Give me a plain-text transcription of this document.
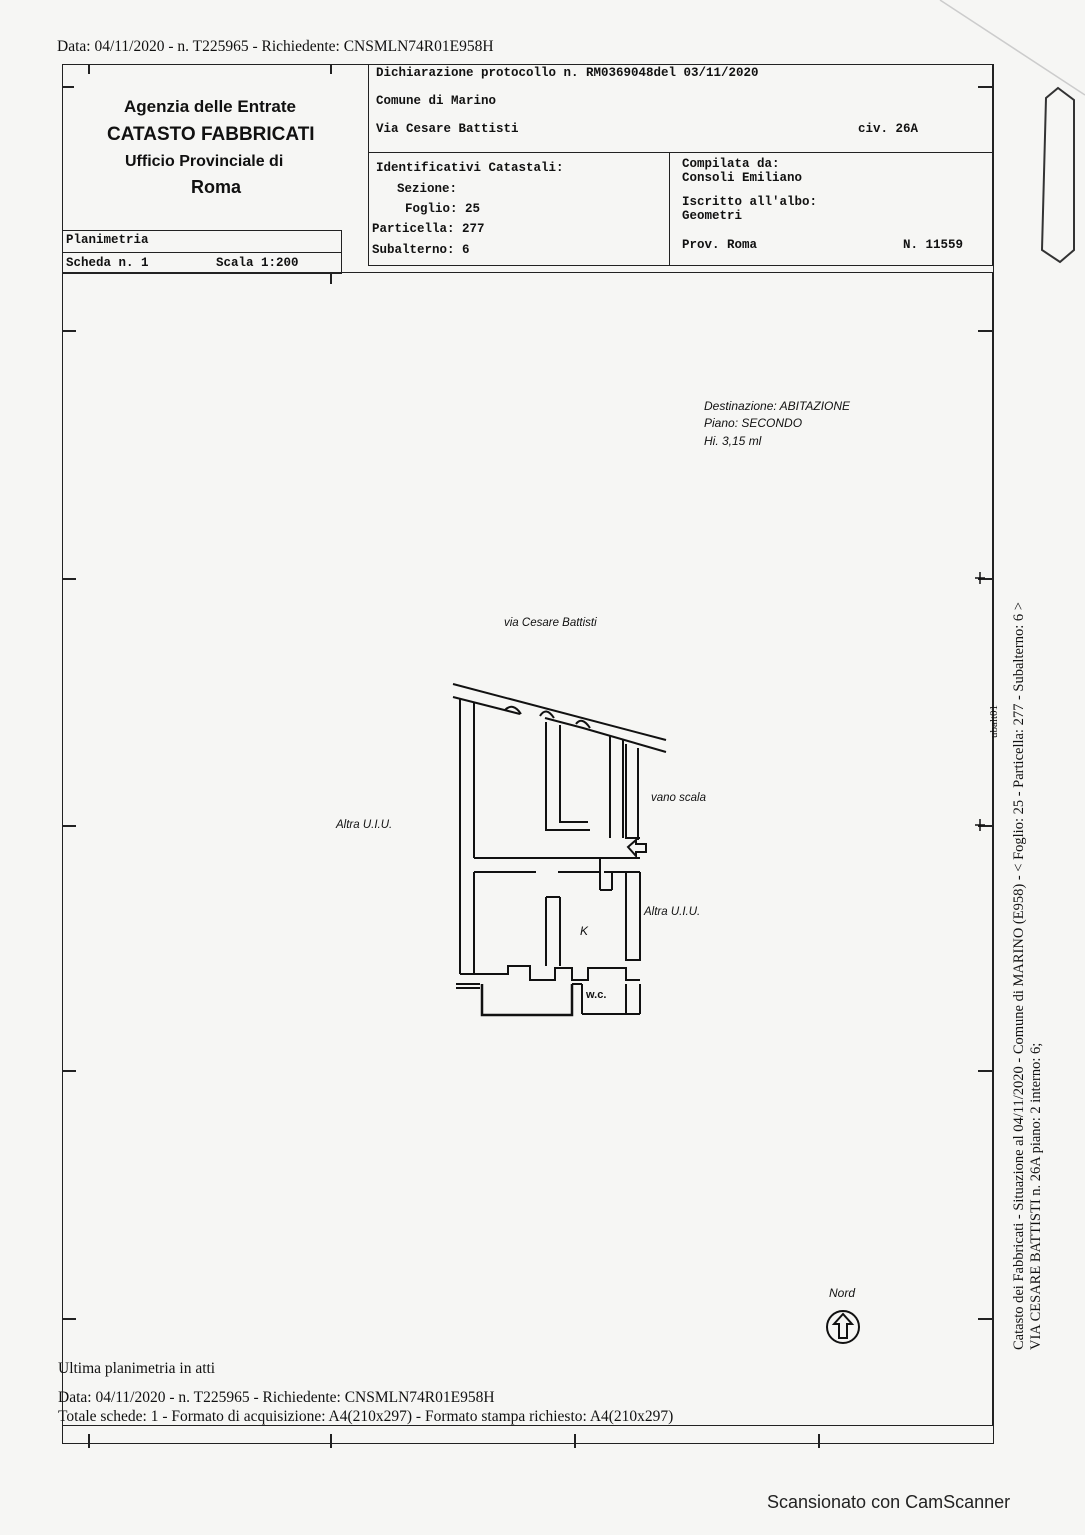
Data: 04/11/2020 - n. T225965 - Richiedente: CNSMLN74R01E958H
Agenzia delle Entrate
CATASTO FABBRICATI
Ufficio Provinciale di
Roma
Planimetria
Scheda n. 1	Scala 1:200
Dichiarazione protocollo n. RM0369048del 03/11/2020
Comune di Marino
Via Cesare Battisti	civ. 26A
Identificativi Catastali:
Sezione:
Foglio: 25
Particella: 277
Subalterno: 6
Compilata da:
Consoli Emiliano
Iscritto all'albo:
Geometri
Prov. Roma	N. 11559
Destinazione: ABITAZIONE
Piano: SECONDO
Hi. 3,15 ml
via Cesare Battisti
Altra U.I.U.
Altra U.I.U.
vano scala
K
w.c.
Nord	Catasto dei Fabbricati - Situazione al 04/11/2020 - Comune di MARINO (E958) - < Foglio: 25 - Particella: 277 - Subalterno: 6 > VIA CESARE BATTISTI n. 26A piano: 2 interno: 6;
ubalt01
Ultima planimetria in atti
Data: 04/11/2020 - n. T225965 - Richiedente: CNSMLN74R01E958H
Totale schede: 1 - Formato di acquisizione: A4(210x297) - Formato stampa richiesto: A4(210x297)
Scansionato con CamScanner
